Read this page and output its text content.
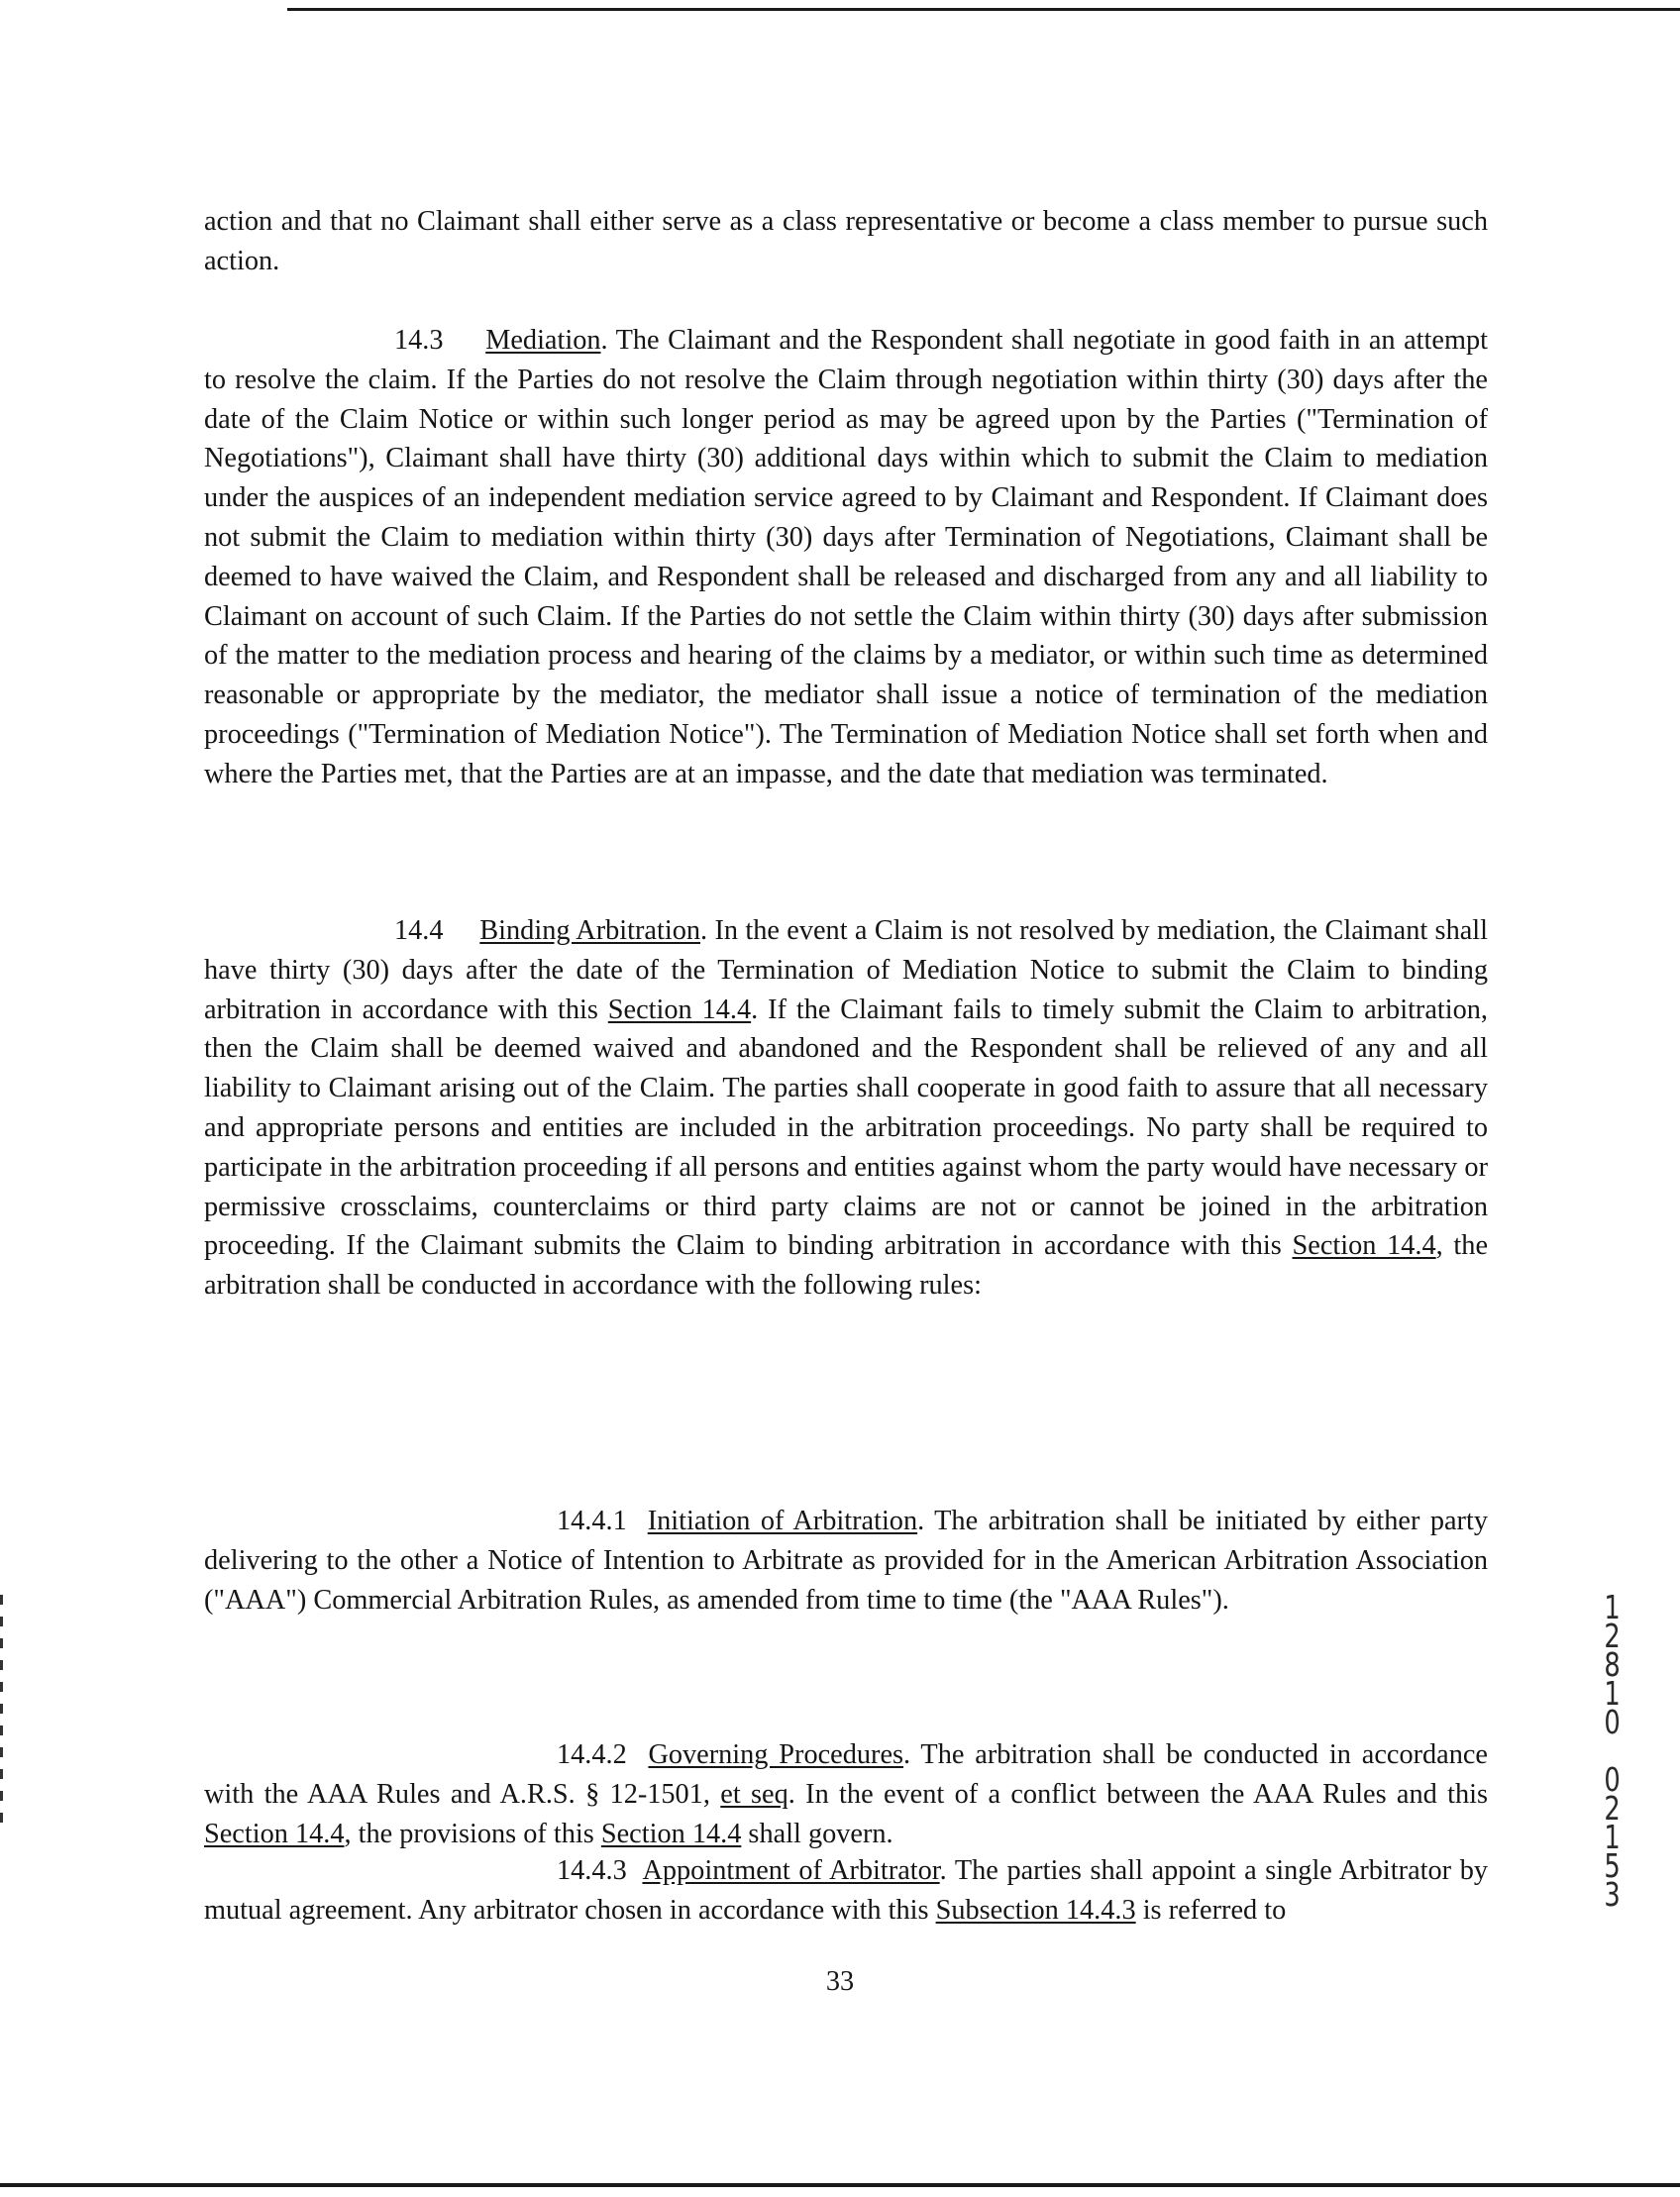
action and that no Claimant shall either serve as a class representative or become a class member to pursue such action.

14.3 Mediation. The Claimant and the Respondent shall negotiate in good faith in an attempt to resolve the claim. If the Parties do not resolve the Claim through negotiation within thirty (30) days after the date of the Claim Notice or within such longer period as may be agreed upon by the Parties ("Termination of Negotiations"), Claimant shall have thirty (30) additional days within which to submit the Claim to mediation under the auspices of an independent mediation service agreed to by Claimant and Respondent. If Claimant does not submit the Claim to mediation within thirty (30) days after Termination of Negotiations, Claimant shall be deemed to have waived the Claim, and Respondent shall be released and discharged from any and all liability to Claimant on account of such Claim. If the Parties do not settle the Claim within thirty (30) days after submission of the matter to the mediation process and hearing of the claims by a mediator, or within such time as determined reasonable or appropriate by the mediator, the mediator shall issue a notice of termination of the mediation proceedings ("Termination of Mediation Notice"). The Termination of Mediation Notice shall set forth when and where the Parties met, that the Parties are at an impasse, and the date that mediation was terminated.

14.4 Binding Arbitration. In the event a Claim is not resolved by mediation, the Claimant shall have thirty (30) days after the date of the Termination of Mediation Notice to submit the Claim to binding arbitration in accordance with this Section 14.4. If the Claimant fails to timely submit the Claim to arbitration, then the Claim shall be deemed waived and abandoned and the Respondent shall be relieved of any and all liability to Claimant arising out of the Claim. The parties shall cooperate in good faith to assure that all necessary and appropriate persons and entities are included in the arbitration proceedings. No party shall be required to participate in the arbitration proceeding if all persons and entities against whom the party would have necessary or permissive crossclaims, counterclaims or third party claims are not or cannot be joined in the arbitration proceeding. If the Claimant submits the Claim to binding arbitration in accordance with this Section 14.4, the arbitration shall be conducted in accordance with the following rules:

14.4.1 Initiation of Arbitration. The arbitration shall be initiated by either party delivering to the other a Notice of Intention to Arbitrate as provided for in the American Arbitration Association ("AAA") Commercial Arbitration Rules, as amended from time to time (the "AAA Rules").

14.4.2 Governing Procedures. The arbitration shall be conducted in accordance with the AAA Rules and A.R.S. § 12-1501, et seq. In the event of a conflict between the AAA Rules and this Section 14.4, the provisions of this Section 14.4 shall govern.

14.4.3 Appointment of Arbitrator. The parties shall appoint a single Arbitrator by mutual agreement. Any arbitrator chosen in accordance with this Subsection 14.4.3 is referred to

33
1 2 8 1 0
0 2 1 5 3
